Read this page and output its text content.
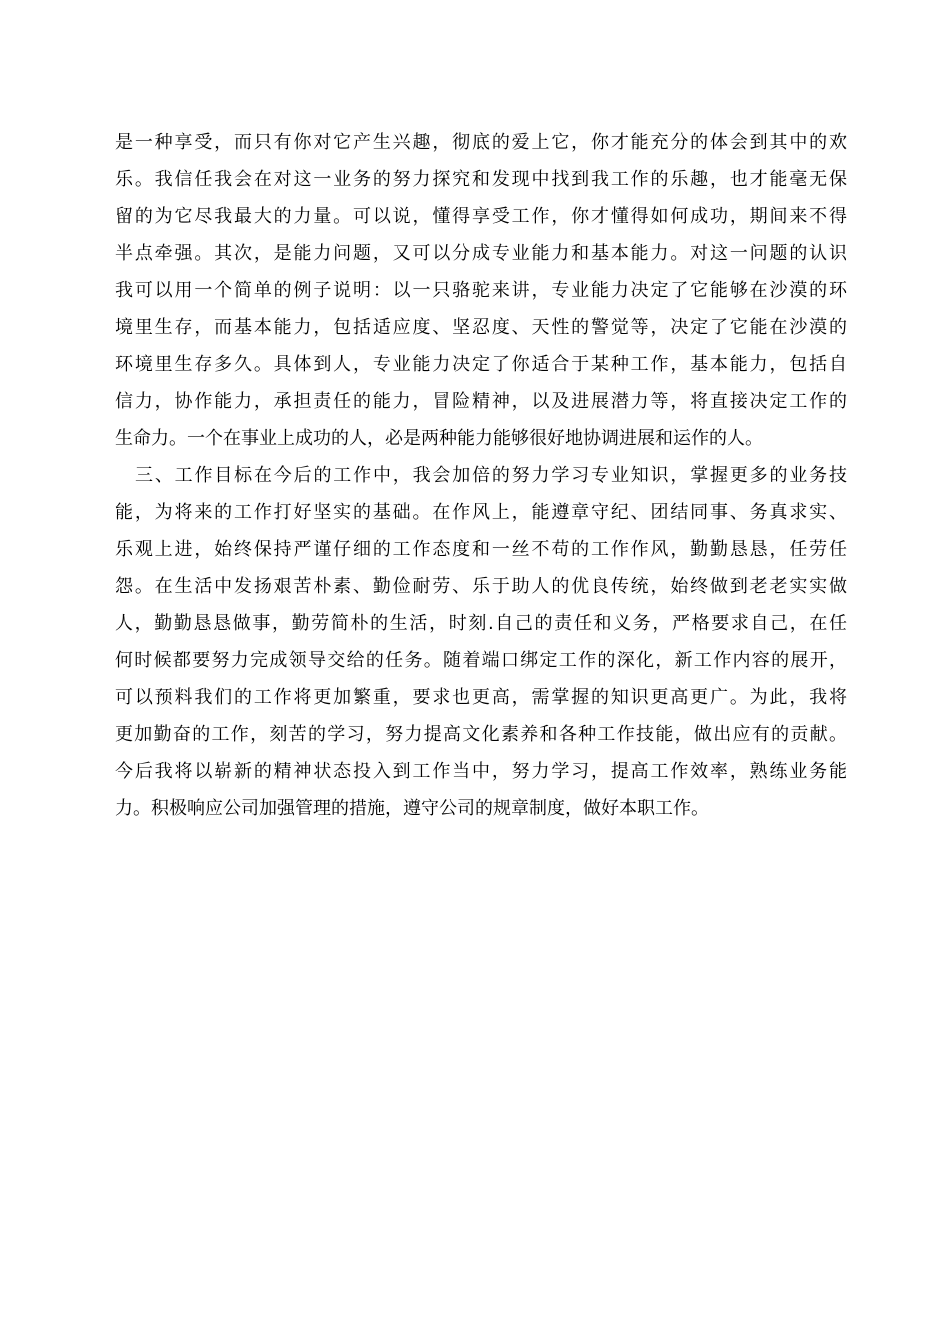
是一种享受，而只有你对它产生兴趣，彻底的爱上它，你才能充分的体会到其中的欢
乐。我信任我会在对这一业务的努力探究和发现中找到我工作的乐趣，也才能毫无保
留的为它尽我最大的力量。可以说，懂得享受工作，你才懂得如何成功，期间来不得
半点牵强。其次，是能力问题，又可以分成专业能力和基本能力。对这一问题的认识
我可以用一个简单的例子说明：以一只骆驼来讲，专业能力决定了它能够在沙漠的环
境里生存，而基本能力，包括适应度、坚忍度、天性的警觉等，决定了它能在沙漠的
环境里生存多久。具体到人，专业能力决定了你适合于某种工作，基本能力，包括自
信力，协作能力，承担责任的能力，冒险精神，以及进展潜力等，将直接决定工作的
生命力。一个在事业上成功的人，必是两种能力能够很好地协调进展和运作的人。
三、工作目标在今后的工作中，我会加倍的努力学习专业知识，掌握更多的业务技
能，为将来的工作打好坚实的基础。在作风上，能遵章守纪、团结同事、务真求实、
乐观上进，始终保持严谨仔细的工作态度和一丝不苟的工作作风，勤勤恳恳，任劳任
怨。在生活中发扬艰苦朴素、勤俭耐劳、乐于助人的优良传统，始终做到老老实实做
人，勤勤恳恳做事，勤劳简朴的生活，时刻.自己的责任和义务，严格要求自己，在任
何时候都要努力完成领导交给的任务。随着端口绑定工作的深化，新工作内容的展开，
可以预料我们的工作将更加繁重，要求也更高，需掌握的知识更高更广。为此，我将
更加勤奋的工作，刻苦的学习，努力提高文化素养和各种工作技能，做出应有的贡献。
今后我将以崭新的精神状态投入到工作当中，努力学习，提高工作效率，熟练业务能
力。积极响应公司加强管理的措施，遵守公司的规章制度，做好本职工作。
